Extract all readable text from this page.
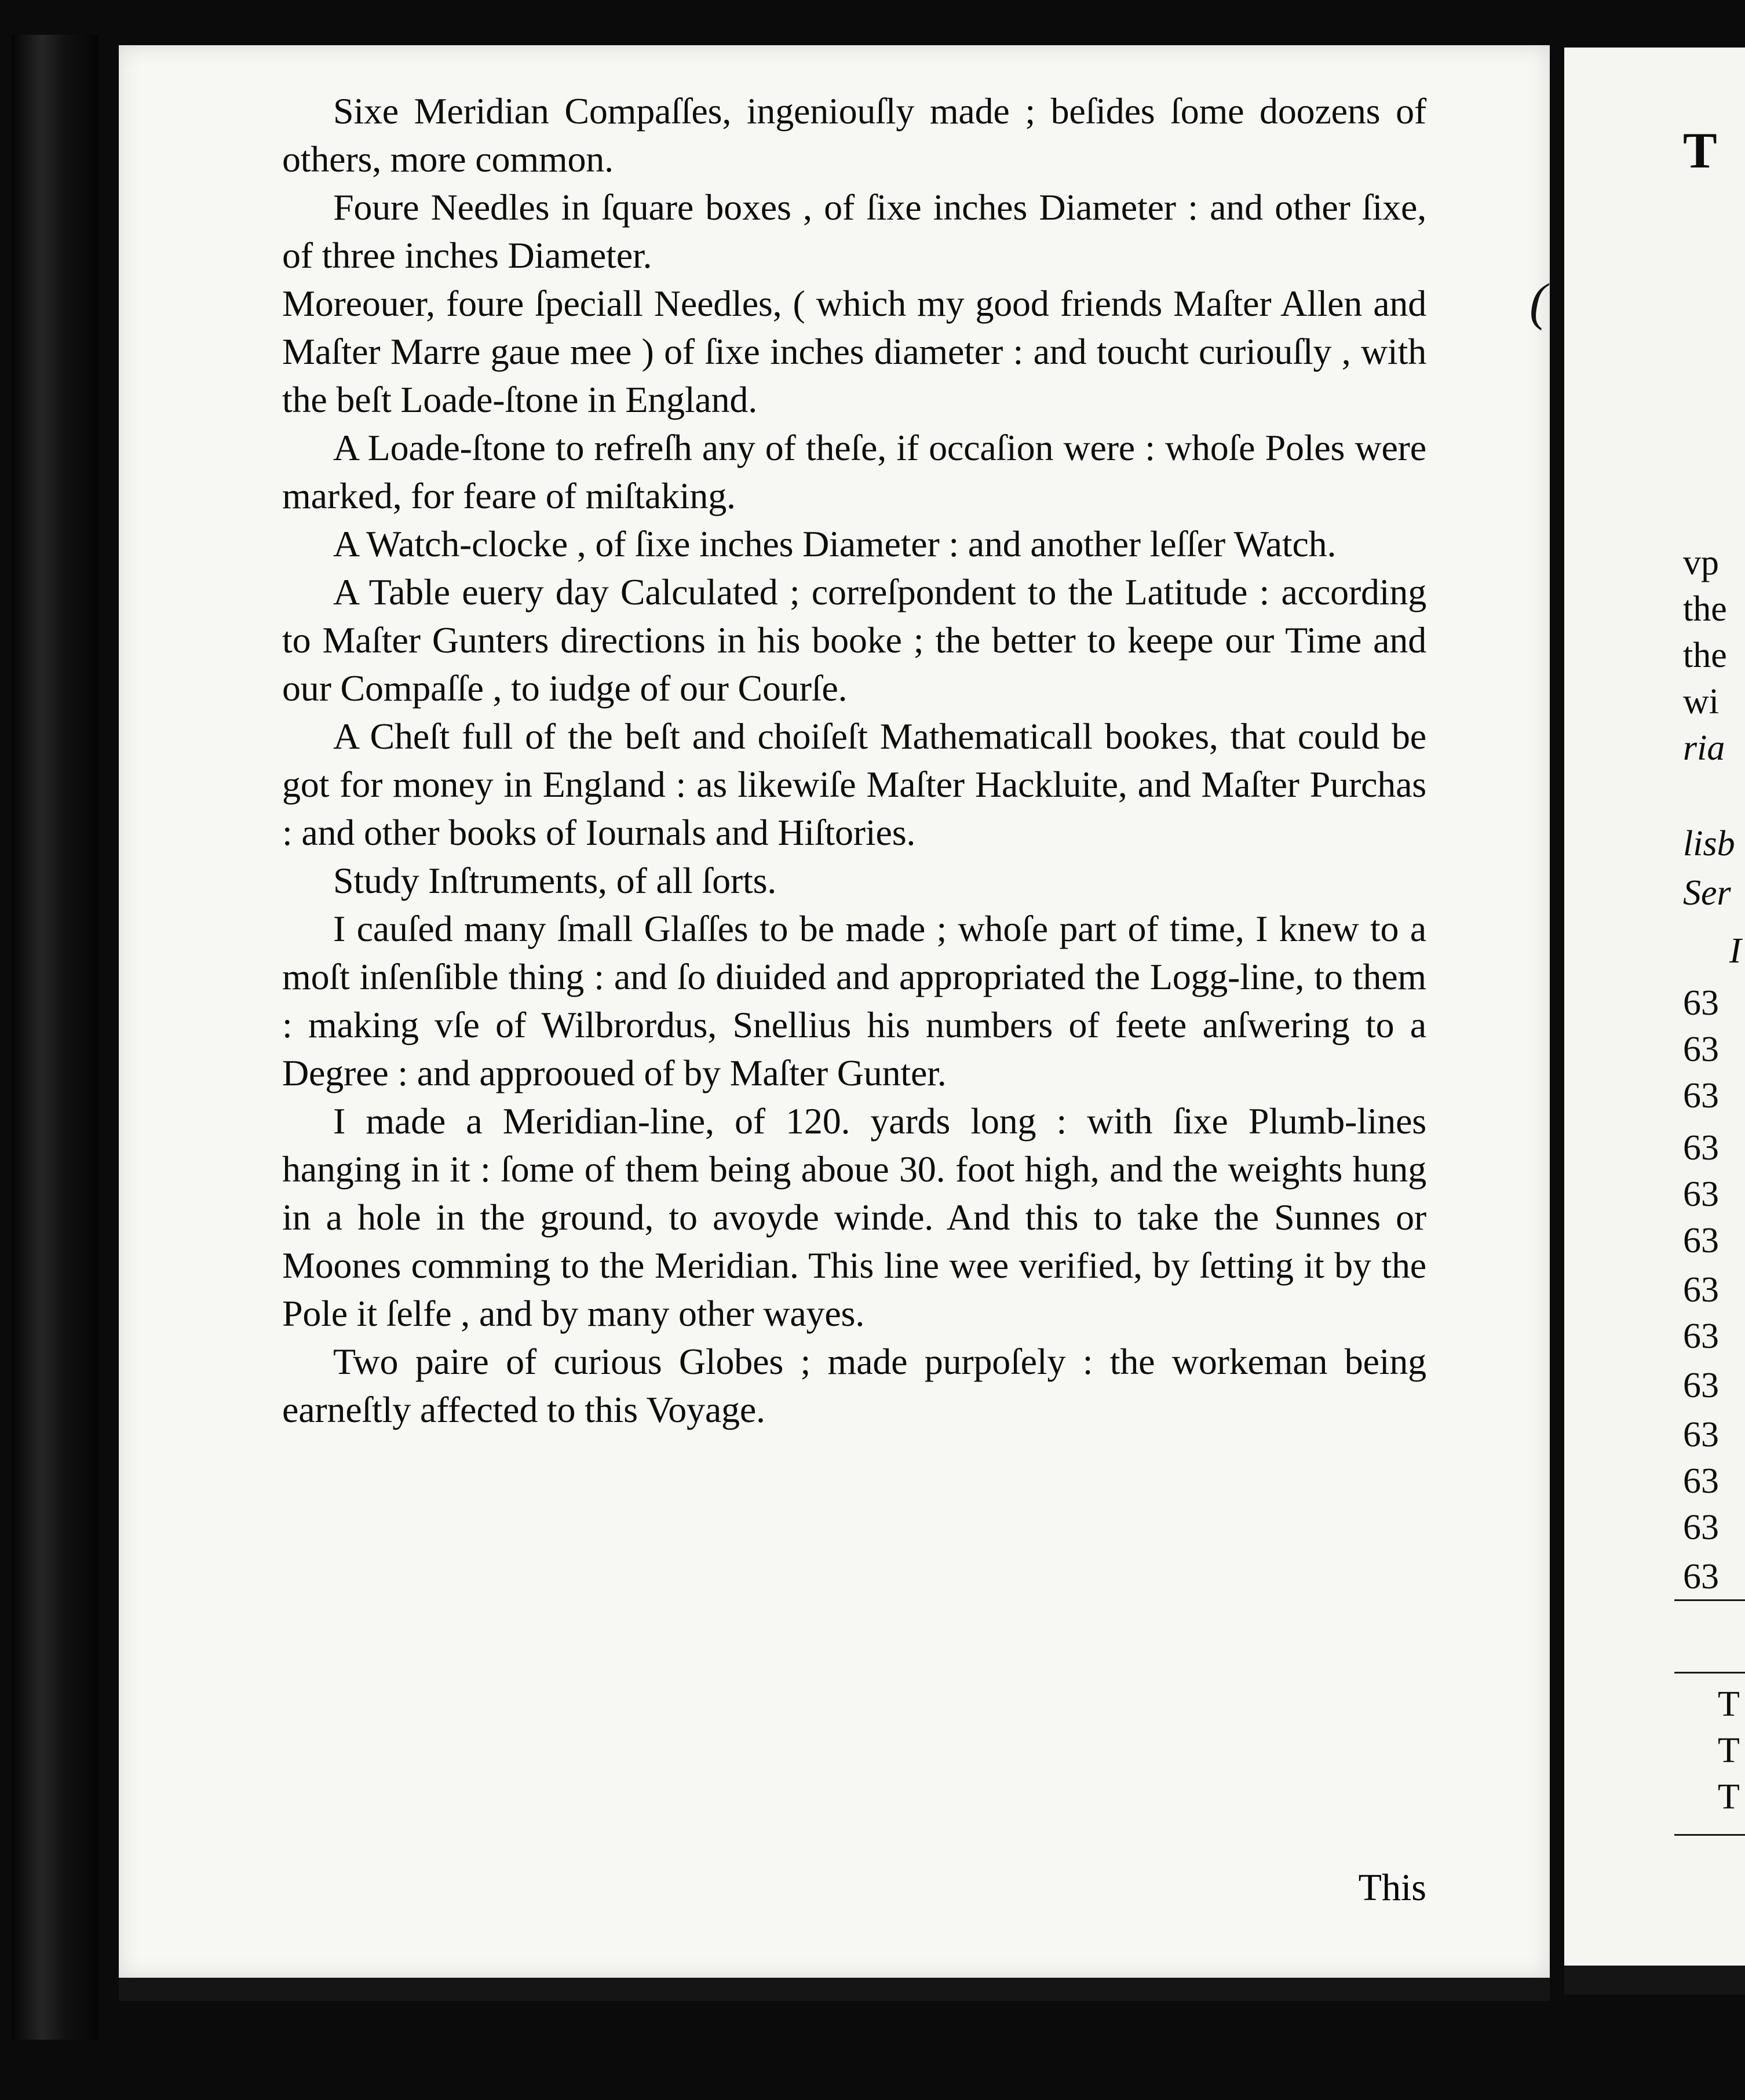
Sixe Meridian Compaſſes, ingeniouſly made ; beſides ſome doozens of others, more common.

Foure Needles in ſquare boxes , of ſixe inches Diameter : and other ſixe, of three inches Diameter.

Moreouer, foure ſpeciall Needles, ( which my good friends Maſter Allen and Maſter Marre gaue mee ) of ſixe inches diameter : and toucht curiouſly , with the beſt Loade-ſtone in England.

A Loade-ſtone to refreſh any of theſe, if occaſion were : whoſe Poles were marked, for feare of miſtaking.

A Watch-clocke , of ſixe inches Diameter : and another leſſer Watch.

A Table euery day Calculated ; correſpondent to the Latitude : according to Maſter Gunters directions in his booke ; the better to keepe our Time and our Compaſſe , to iudge of our Courſe.

A Cheſt full of the beſt and choiſeſt Mathematicall bookes, that could be got for money in England : as likewiſe Maſter Hackluite, and Maſter Purchas : and other books of Iournals and Hiſtories.

Study Inſtruments, of all ſorts.

I cauſed many ſmall Glaſſes to be made ; whoſe part of time, I knew to a moſt inſenſible thing : and ſo diuided and appropriated the Logg-line, to them : making vſe of Wilbrordus, Snellius his numbers of feete anſwering to a Degree : and approoued of by Maſter Gunter.

I made a Meridian-line, of 120. yards long : with ſixe Plumb-lines hanging in it : ſome of them being aboue 30. foot high, and the weights hung in a hole in the ground, to avoyde winde. And this to take the Sunnes or Moones comming to the Meridian. This line wee verified, by ſetting it by the Pole it ſelfe , and by many other wayes.

Two paire of curious Globes ; made purpoſely : the workeman being earneſtly affected to this Voyage.

This
(
T
vp
the
the
wi
ria
lisb
Ser
I
63
63
63
63
63
63
63
63
63
63
63
63
63
T
T
T
